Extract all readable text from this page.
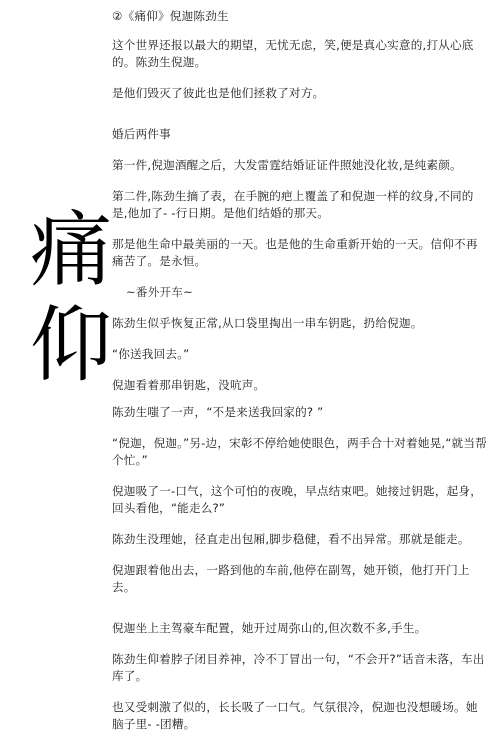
痛
仰

②《痛仰》倪迦陈劲生

这个世界还报以最大的期望，无忧无虑，笑,便是真心实意的,打从心底的。陈劲生倪迦。

是他们毁灭了彼此也是他们拯救了对方。

婚后两件事

第一件,倪迦酒醒之后，大发雷霆结婚证证件照她没化妆,是纯素颜。

第二件,陈劲生摘了表，在手腕的疤上覆盖了和倪迦一样的纹身,不同的是,他加了- -行日期。是他们结婚的那天。

那是他生命中最美丽的一天。也是他的生命重新开始的一天。信仰不再痛苦了。是永恒。

~番外开车~

陈劲生似乎恢复正常,从口袋里掏出一串车钥匙，扔给倪迦。

“你送我回去。”

倪迦看着那串钥匙，没吭声。

陈劲生嗤了一声，“不是来送我回家的? ”

“倪迦，倪迦。”另-边，宋彰不停给她使眼色，两手合十对着她晃,“就当帮个忙。”

倪迦吸了一-口气，这个可怕的夜晚，早点结束吧。她接过钥匙，起身，回头看他，“能走么?”

陈劲生没理她，径直走出包厢,脚步稳健，看不出异常。那就是能走。

倪迦跟着他出去，一路到他的车前,他停在副驾，她开锁，他打开门上去。

倪迦坐上主驾豪车配置，她开过周弥山的,但次数不多,手生。

陈劲生仰着脖子闭目养神，冷不丁冒出一句，“不会开?”话音未落，车出库了。

也又受刺激了似的，长长吸了一口气。气氛很冷，倪迦也没想暖场。她脑子里- -团糟。
